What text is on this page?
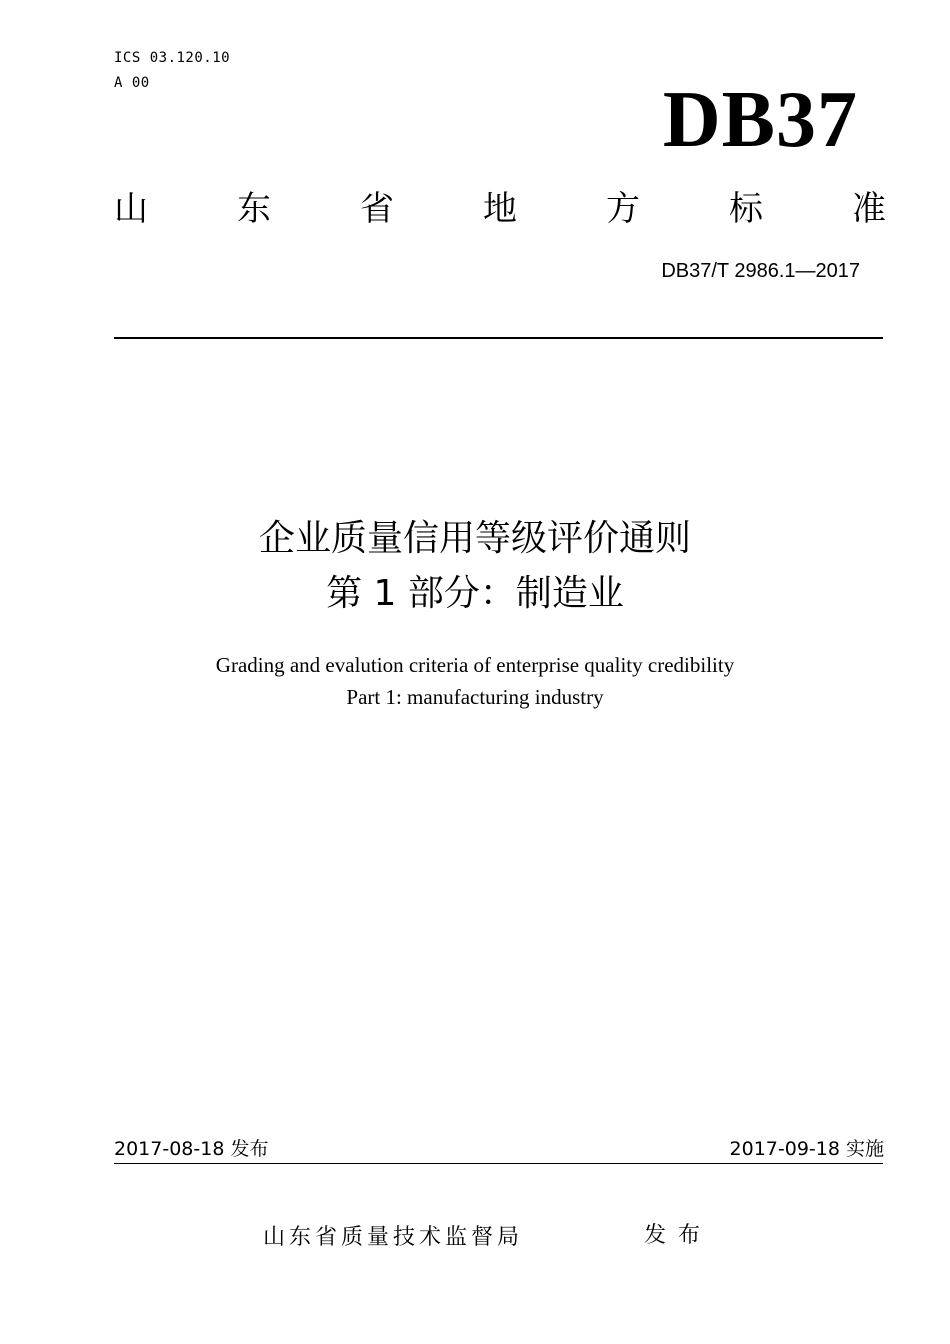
ICS 03.120.10
A 00	DB37
山	东	省	地	方	标	准
DB37/T 2986.1—2017
企业质量信用等级评价通则
第 1 部分：制造业
Grading and evalution criteria of enterprise quality credibility
Part 1: manufacturing industry
2017-08-18 发布	2017-09-18 实施
山东省质量技术监督局	发布
